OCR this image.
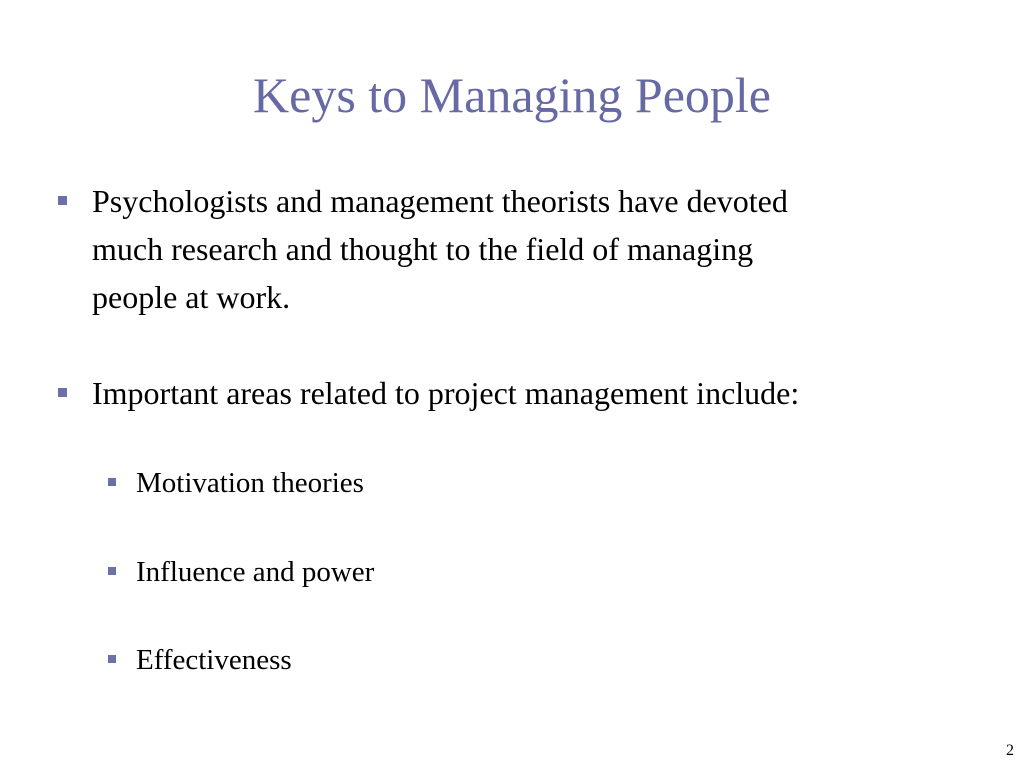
Keys to Managing People
Psychologists and management theorists have devoted
much research and thought to the field of managing
people at work.
Important areas related to project management include:
Motivation theories
Influence and power
Effectiveness
2
